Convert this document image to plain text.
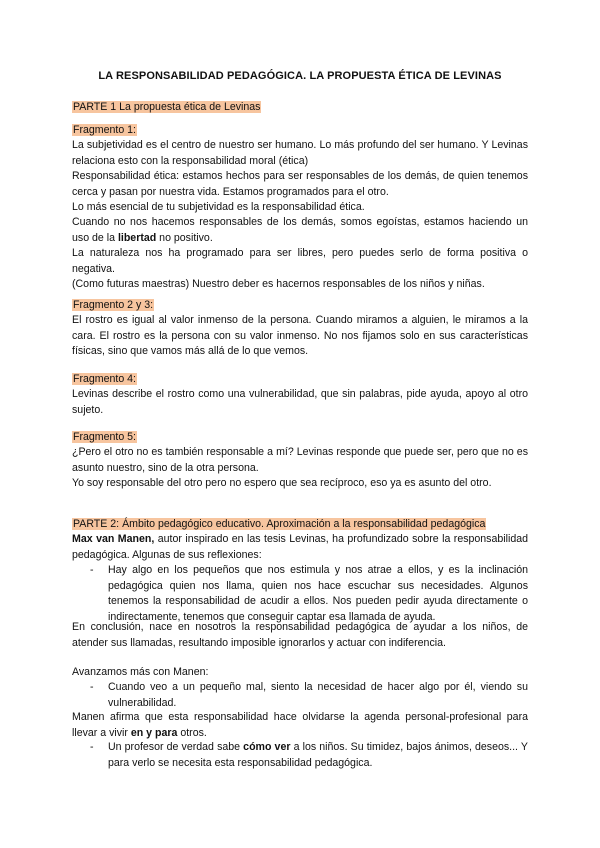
LA RESPONSABILIDAD PEDAGÓGICA. LA PROPUESTA ÉTICA DE LEVINAS
PARTE 1 La propuesta ética de Levinas
Fragmento 1:

La subjetividad es el centro de nuestro ser humano. Lo más profundo del ser humano. Y Levinas relaciona esto con la responsabilidad moral (ética)

Responsabilidad ética: estamos hechos para ser responsables de los demás, de quien tenemos cerca y pasan por nuestra vida. Estamos programados para el otro.

Lo más esencial de tu subjetividad es la responsabilidad ética.

Cuando no nos hacemos responsables de los demás, somos egoístas, estamos haciendo un uso de la libertad no positivo.

La naturaleza nos ha programado para ser libres, pero puedes serlo de forma positiva o negativa.

(Como futuras maestras) Nuestro deber es hacernos responsables de los niños y niñas.

Fragmento 2 y 3:

El rostro es igual al valor inmenso de la persona. Cuando miramos a alguien, le miramos a la cara. El rostro es la persona con su valor inmenso. No nos fijamos solo en sus características físicas, sino que vamos más allá de lo que vemos.

Fragmento 4:

Levinas describe el rostro como una vulnerabilidad, que sin palabras, pide ayuda, apoyo al otro sujeto.

Fragmento 5:

¿Pero el otro no es también responsable a mí? Levinas responde que puede ser, pero que no es asunto nuestro, sino de la otra persona.

Yo soy responsable del otro pero no espero que sea recíproco, eso ya es asunto del otro.

PARTE 2: Ámbito pedagógico educativo. Aproximación a la responsabilidad pedagógica

Max van Manen, autor inspirado en las tesis Levinas, ha profundizado sobre la responsabilidad pedagógica. Algunas de sus reflexiones:

- Hay algo en los pequeños que nos estimula y nos atrae a ellos, y es la inclinación pedagógica quien nos llama, quien nos hace escuchar sus necesidades. Algunos tenemos la responsabilidad de acudir a ellos. Nos pueden pedir ayuda directamente o indirectamente, tenemos que conseguir captar esa llamada de ayuda.

En conclusión, nace en nosotros la responsabilidad pedagógica de ayudar a los niños, de atender sus llamadas, resultando imposible ignorarlos y actuar con indiferencia.

Avanzamos más con Manen:

- Cuando veo a un pequeño mal, siento la necesidad de hacer algo por él, viendo su vulnerabilidad.

Manen afirma que esta responsabilidad hace olvidarse la agenda personal-profesional para llevar a vivir en y para otros.

- Un profesor de verdad sabe cómo ver a los niños. Su timidez, bajos ánimos, deseos... Y para verlo se necesita esta responsabilidad pedagógica.
